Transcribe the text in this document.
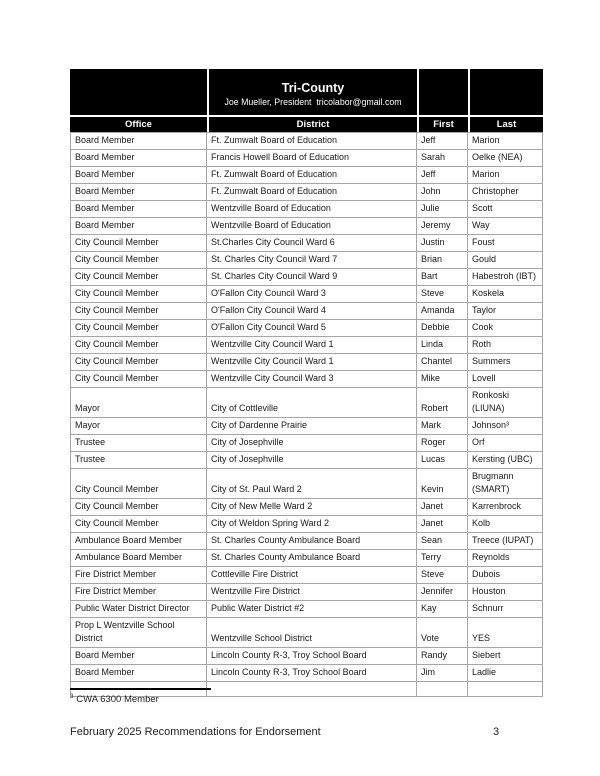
	Tri-County
Joe Mueller, President  tricolabor@gmail.com		

Office	District	First	Last
Board Member	Ft. Zumwalt Board of Education	Jeff	Marion
Board Member	Francis Howell Board of Education	Sarah	Oelke (NEA)
Board Member	Ft. Zumwalt Board of Education	Jeff	Marion
Board Member	Ft. Zumwalt Board of Education	John	Christopher
Board Member	Wentzville Board of Education	Julie	Scott
Board Member	Wentzville Board of Education	Jeremy	Way
City Council Member	St.Charles City Council Ward 6	Justin	Foust
City Council Member	St. Charles City Council Ward 7	Brian	Gould
City Council Member	St. Charles City Council Ward 9	Bart	Habestroh (IBT)
City Council Member	O'Fallon City Council Ward 3	Steve	Koskela
City Council Member	O'Fallon City Council Ward 4	Amanda	Taylor
City Council Member	O'Fallon City Council Ward 5	Debbie	Cook
City Council Member	Wentzville City Council Ward 1	Linda	Roth
City Council Member	Wentzville City Council Ward 1	Chantel	Summers
City Council Member	Wentzville City Council Ward 3	Mike	Lovell
Mayor	City of Cottleville	Robert	Ronkoski (LIUNA)
Mayor	City of Dardenne Prairie	Mark	Johnson³
Trustee	City of Josephville	Roger	Orf
Trustee	City of Josephville	Lucas	Kersting (UBC)
City Council Member	City of St. Paul Ward 2	Kevin	Brugmann (SMART)
City Council Member	City of New Melle Ward 2	Janet	Karrenbrock
City Council Member	City of Weldon Spring Ward 2	Janet	Kolb
Ambulance Board Member	St. Charles County Ambulance Board	Sean	Treece (IUPAT)
Ambulance Board Member	St. Charles County Ambulance Board	Terry	Reynolds
Fire District Member	Cottleville Fire District	Steve	Dubois
Fire District Member	Wentzville Fire District	Jennifer	Houston
Public Water District Director	Public Water District #2	Kay	Schnurr
Prop L Wentzville School District	Wentzville School District	Vote	YES
Board Member	Lincoln County R-3, Troy School Board	Randy	Siebert
Board Member	Lincoln County R-3, Troy School Board	Jim	Ladlie

$^3$ CWA 6300 Member
February 2025 Recommendations for Endorsement	3
